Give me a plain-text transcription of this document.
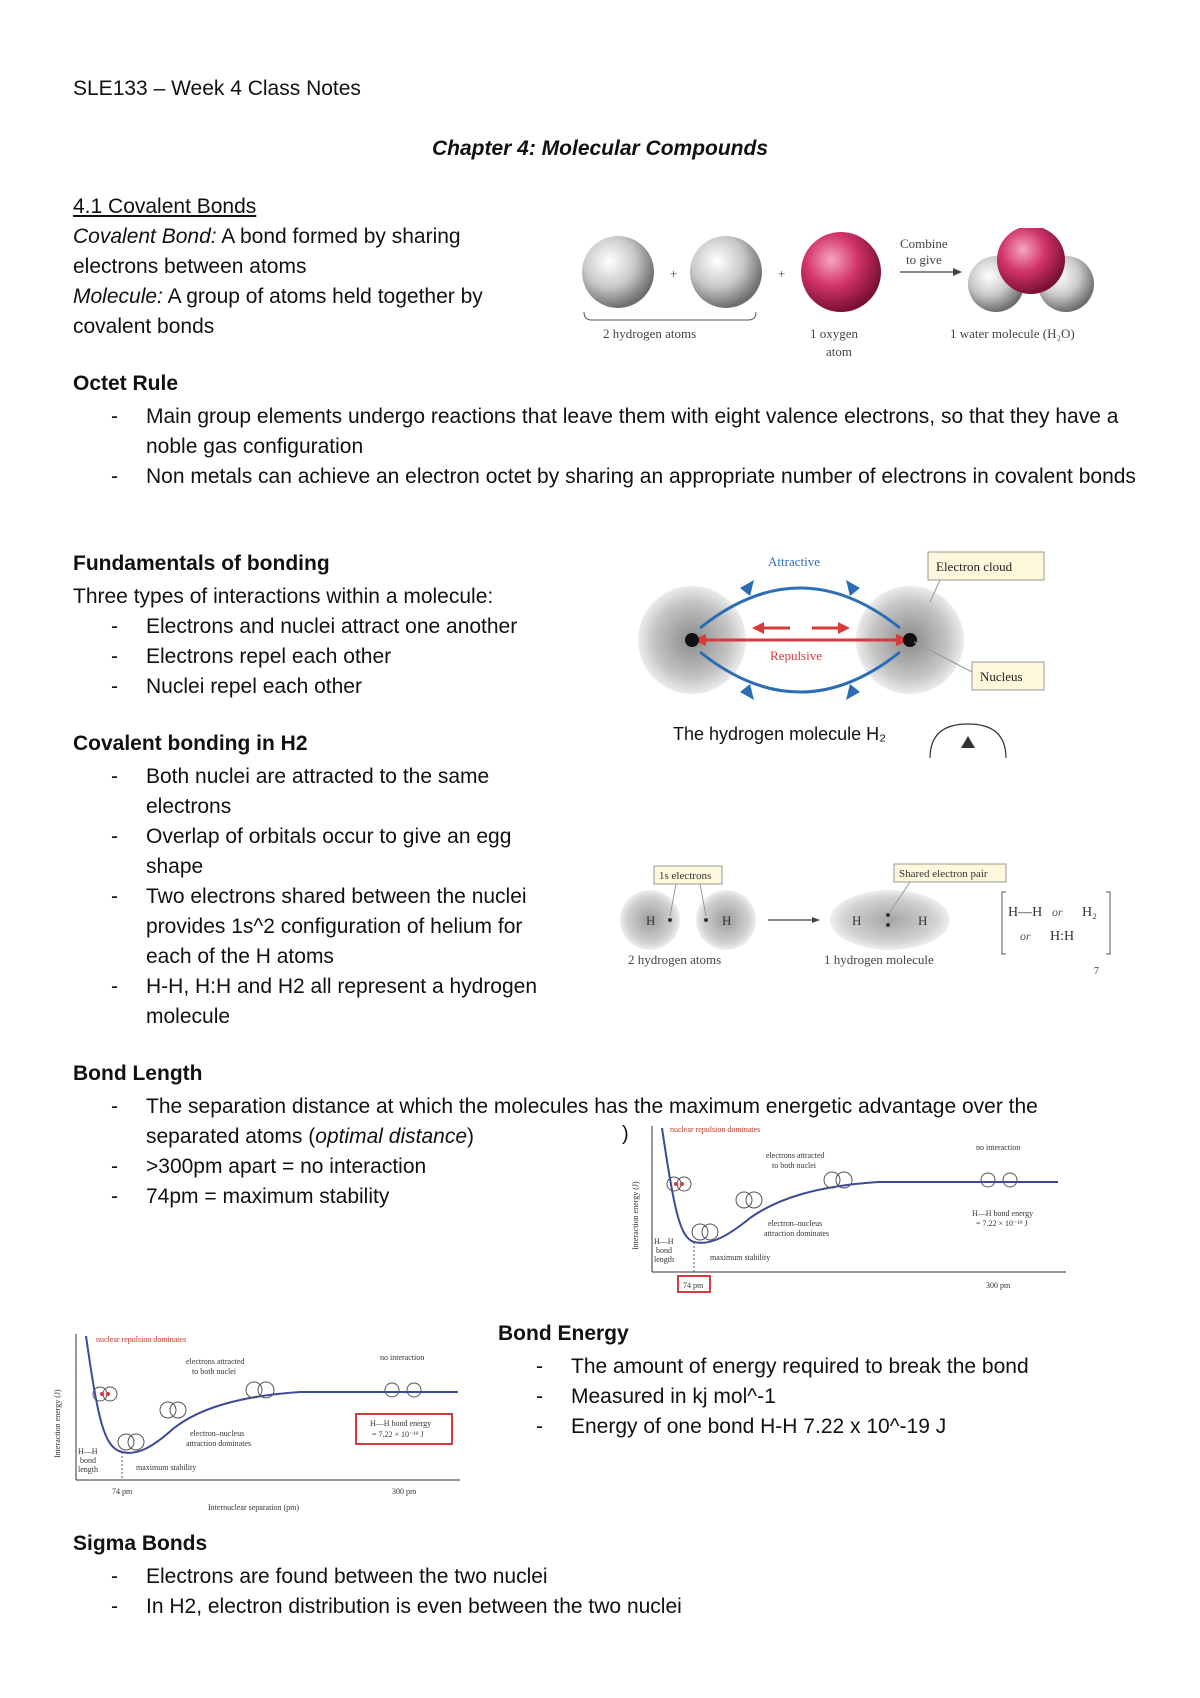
SLE133 – Week 4 Class Notes
Chapter 4: Molecular Compounds
4.1 Covalent Bonds
Covalent Bond: A bond formed by sharing electrons between atoms
Molecule: A group of atoms held together by covalent bonds
+	+
Combine
to give
2 hydrogen atoms	1 oxygen
atom
1 water molecule (H₂O)
Octet Rule
- Main group elements undergo reactions that leave them with eight valence electrons, so that they have a noble gas configuration
- Non metals can achieve an electron octet by sharing an appropriate number of electrons in covalent bonds
Fundamentals of bonding
Three types of interactions within a molecule:
- Electrons and nuclei attract one another
- Electrons repel each other
- Nuclei repel each other
Attractive
Repulsive
Electron cloud
Nucleus
The hydrogen molecule H₂
Covalent bonding in H2
- Both nuclei are attracted to the same electrons
- Overlap of orbitals occur to give an egg shape
- Two electrons shared between the nuclei provides 1s^2 configuration of helium for each of the H atoms
- H-H, H:H and H2 all represent a hydrogen molecule
H	H
1s electrons
2 hydrogen atoms
H	H
Shared electron pair
1 hydrogen molecule
H—H or H₂
or H:H
7
Bond Length
- The separation distance at which the molecules has the maximum energetic advantage over the separated atoms (optimal distance)
- >300pm apart = no interaction
- 74pm = maximum stability
)
Interaction energy (J)
nuclear repulsion dominates
no interaction
electrons attracted
to both nuclei
electron–nucleus
attraction dominates
maximum stability
H—H
bond
length
H—H bond energy
= 7.22 × 10⁻¹⁹ J
74 pm	300 pm
Interaction energy (J)
nuclear repulsion dominates
no interaction
electrons attracted
to both nuclei
electron–nucleus
attraction dominates
maximum stability
H—H
bond
length
H—H bond energy
= 7.22 × 10⁻¹⁹ J
74 pm	300 pm
Internuclear separation (pm)
Bond Energy
- The amount of energy required to break the bond
- Measured in kj mol^-1
- Energy of one bond H-H 7.22 x 10^-19 J
Sigma Bonds
- Electrons are found between the two nuclei
- In H2, electron distribution is even between the two nuclei
